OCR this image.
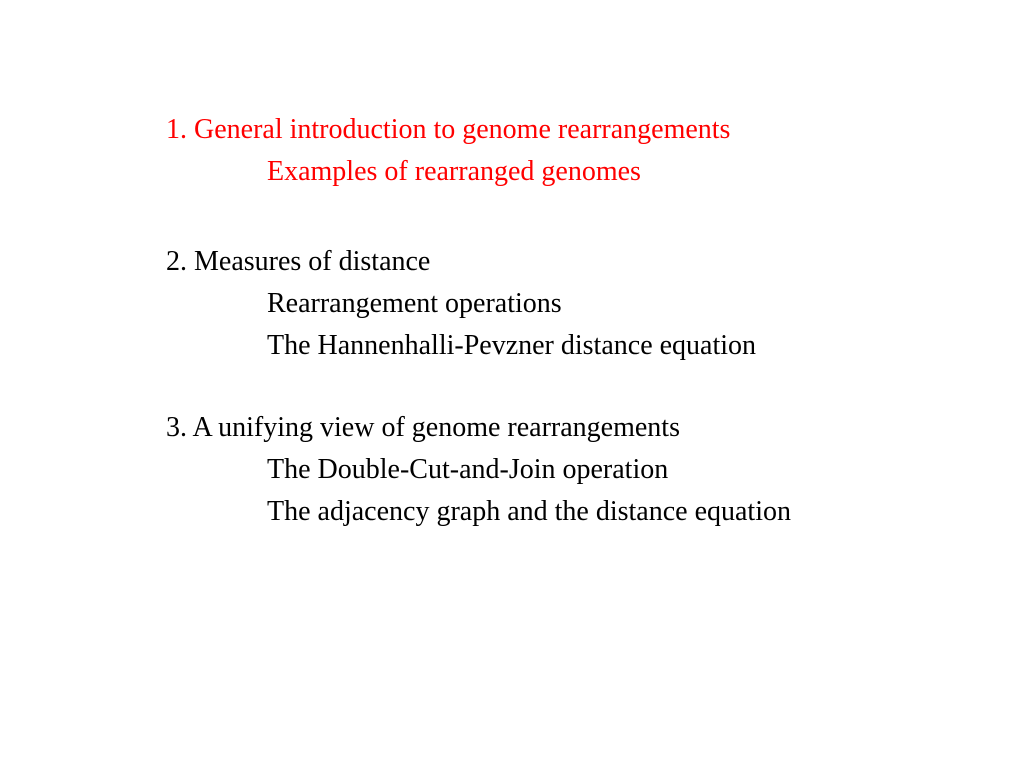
1. General introduction to genome rearrangements
Examples of rearranged genomes
2. Measures of distance
Rearrangement operations
The Hannenhalli-Pevzner distance equation
3. A unifying view of genome rearrangements
The Double-Cut-and-Join operation
The adjacency graph and the distance equation
